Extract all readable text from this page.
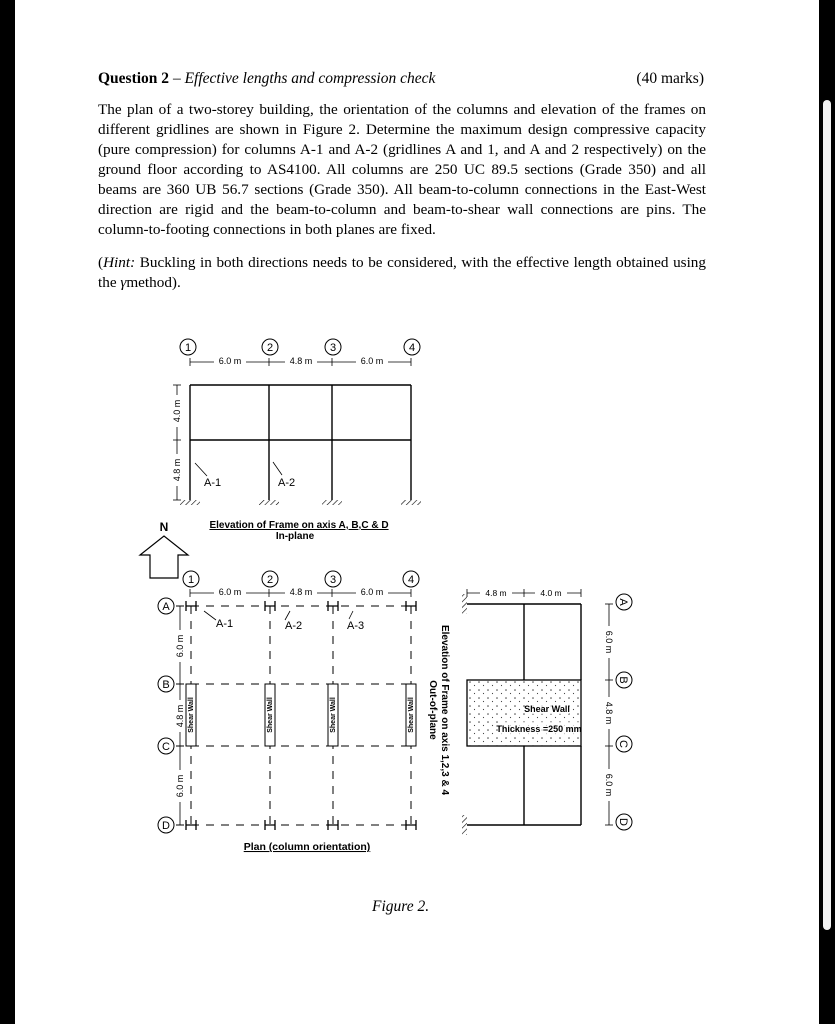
Question 2 – Effective lengths and compression check	(40 marks)

The plan of a two-storey building, the orientation of the columns and elevation of the frames on different gridlines are shown in Figure 2. Determine the maximum design compressive capacity (pure compression) for columns A-1 and A-2 (gridlines A and 1, and A and 2 respectively) on the ground floor according to AS4100. All columns are 250 UC 89.5 sections (Grade 350) and all beams are 360 UB 56.7 sections (Grade 350). All beam-to-column connections in the East-West direction are rigid and the beam-to-column and beam-to-shear wall connections are pins. The column-to-footing connections in both planes are fixed.

(Hint: Buckling in both directions needs to be considered, with the effective length obtained using the γmethod).

1	2	3	4
6.0 m	4.8 m	6.0 m
4.0 m
4.8 m
A-1	A-2
Elevation of Frame on axis A, B,C & D
In-plane
N
1	2	3	4
6.0 m	4.8 m	6.0 m
A
B
C
D
6.0 m
4.8 m
6.0 m
A-1	A-2	A-3
Shear Wall	Shear Wall	Shear Wall	Shear Wall
Plan (column orientation)
Elevation of Frame on axis 1,2,3 & 4
Out-of-plane	Shear Wall
Thickness =250 mm
4.8 m	4.0 m
6.0 m
4.8 m
6.0 m
A
B
C
D
Figure 2.
